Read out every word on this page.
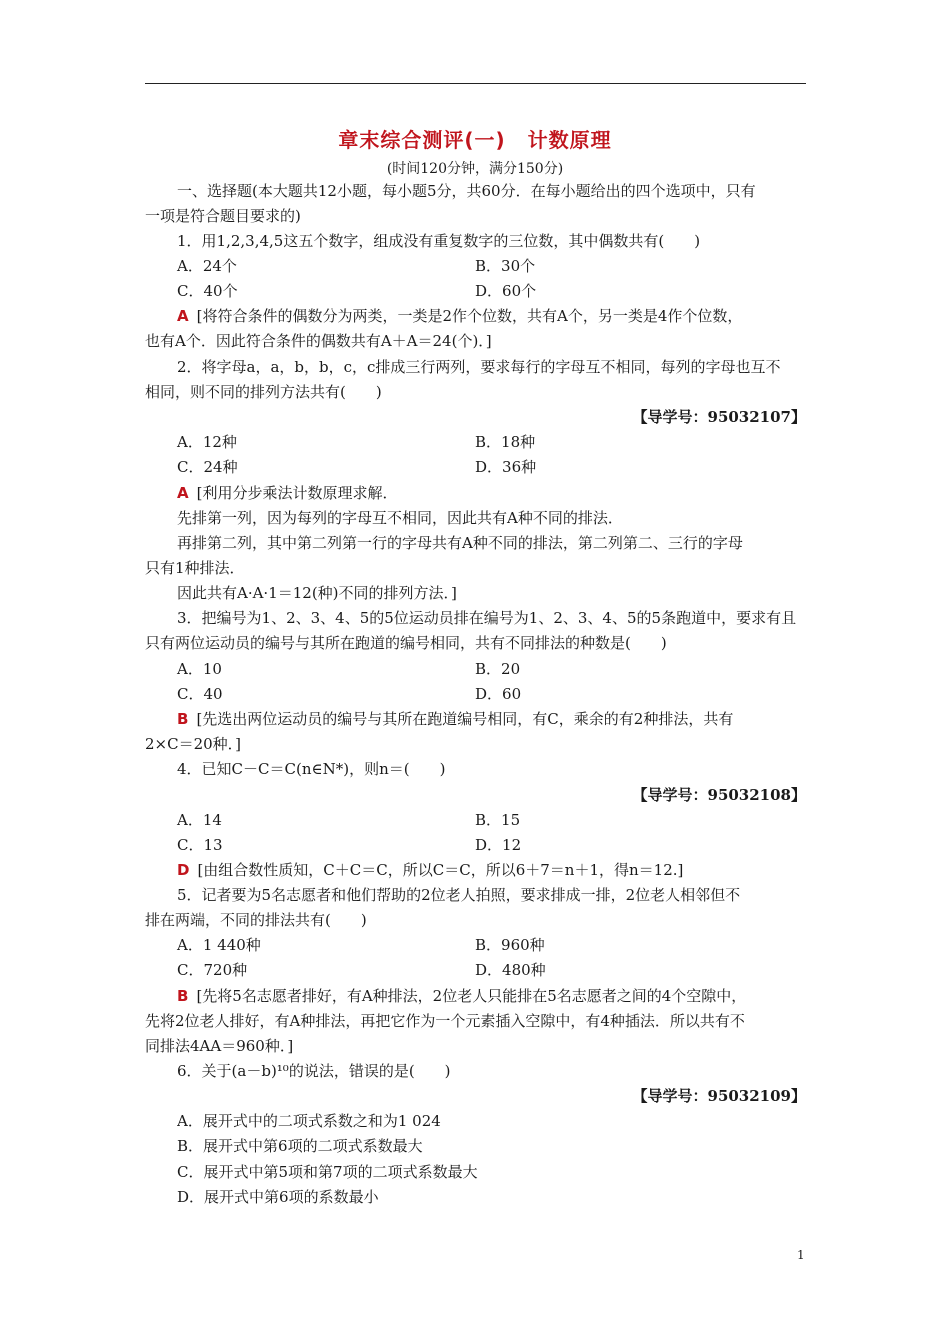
章末综合测评(一) 计数原理
(时间120分钟，满分150分)
一、选择题(本大题共12小题，每小题5分，共60分．在每小题给出的四个选项中，只有
一项是符合题目要求的)
1．用1,2,3,4,5这五个数字，组成没有重复数字的三位数，其中偶数共有(　　)
A．24个	B．30个
C．40个	D．60个
A [将符合条件的偶数分为两类，一类是2作个位数，共有A个，另一类是4作个位数，
也有A个．因此符合条件的偶数共有A＋A＝24(个)．]
2．将字母a，a，b，b，c，c排成三行两列，要求每行的字母互不相同，每列的字母也互不
相同，则不同的排列方法共有(　　)
【导学号：95032107】
A．12种	B．18种
C．24种	D．36种
A [利用分步乘法计数原理求解．
先排第一列，因为每列的字母互不相同，因此共有A种不同的排法．
再排第二列，其中第二列第一行的字母共有A种不同的排法，第二列第二、三行的字母
只有1种排法．
因此共有A·A·1＝12(种)不同的排列方法．]
3．把编号为1、2、3、4、5的5位运动员排在编号为1、2、3、4、5的5条跑道中，要求有且
只有两位运动员的编号与其所在跑道的编号相同，共有不同排法的种数是(　　)
A．10	B．20
C．40	D．60
B [先选出两位运动员的编号与其所在跑道编号相同，有C，乘余的有2种排法，共有
2×C＝20种．]
4．已知C－C＝C(n∈N*)，则n＝(　　)
【导学号：95032108】
A．14	B．15
C．13	D．12
D [由组合数性质知，C＋C＝C，所以C＝C，所以6＋7＝n＋1，得n＝12.]
5．记者要为5名志愿者和他们帮助的2位老人拍照，要求排成一排，2位老人相邻但不
排在两端，不同的排法共有(　　)
A．1 440种	B．960种
C．720种	D．480种
B [先将5名志愿者排好，有A种排法，2位老人只能排在5名志愿者之间的4个空隙中，
先将2位老人排好，有A种排法，再把它作为一个元素插入空隙中，有4种插法．所以共有不
同排法4AA＝960种．]
6．关于(a－b)¹⁰的说法，错误的是(　　)
【导学号：95032109】
A．展开式中的二项式系数之和为1 024
B．展开式中第6项的二项式系数最大
C．展开式中第5项和第7项的二项式系数最大
D．展开式中第6项的系数最小
1
